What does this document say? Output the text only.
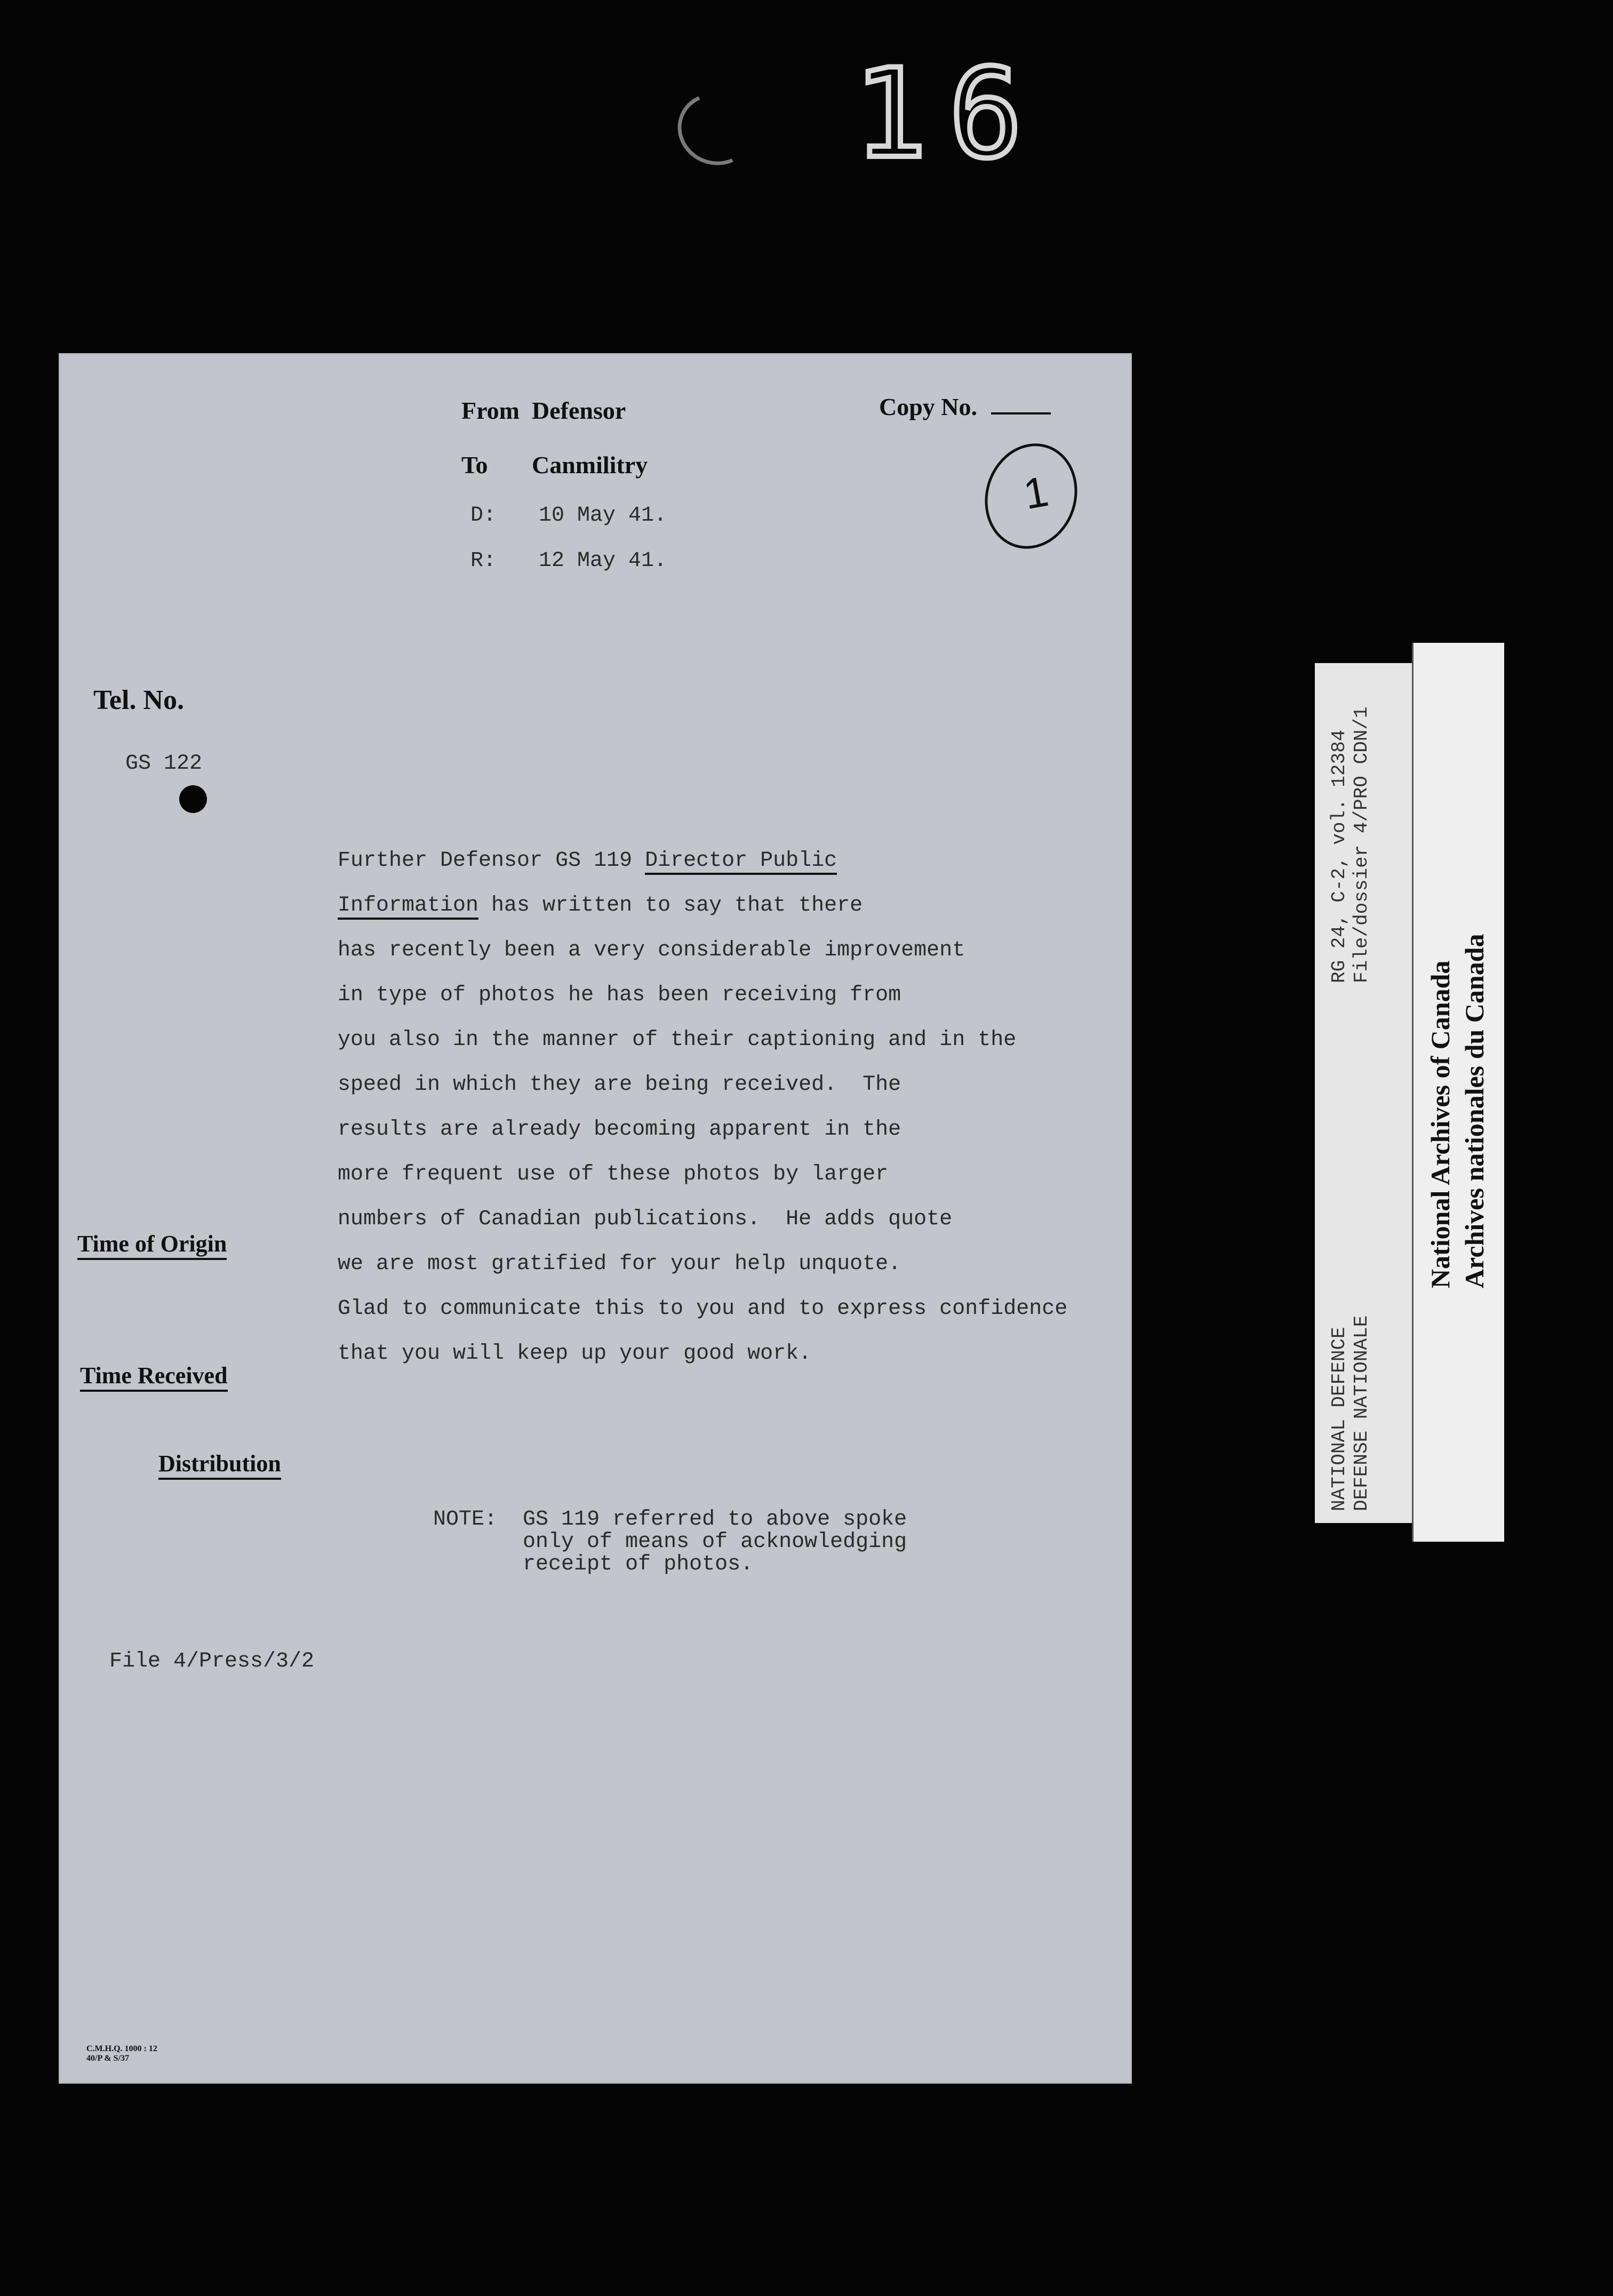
16
From Defensor	Copy No.
To Canmilitry
D: 10 May 41.
R: 12 May 41.
Tel. No.
GS 122
Time of Origin
Time Received
Distribution
File 4/Press/3/2
C.M.H.Q. 1000 : 12
40/P & S/37
1
Further Defensor GS 119 Director Public
Information has written to say that there
has recently been a very considerable improvement
in type of photos he has been receiving from
you also in the manner of their captioning and in the
speed in which they are being received.  The
results are already becoming apparent in the
more frequent use of these photos by larger
numbers of Canadian publications.  He adds quote
we are most gratified for your help unquote.
Glad to communicate this to you and to express confidence
that you will keep up your good work.
NOTE: GS 119 referred to above spoke
only of means of acknowledging
receipt of photos.
NATIONAL DEFENCE
DEFENSE NATIONALE
RG 24, C-2, vol. 12384
File/dossier 4/PRO CDN/1
National Archives of Canada Archives nationales du Canada
